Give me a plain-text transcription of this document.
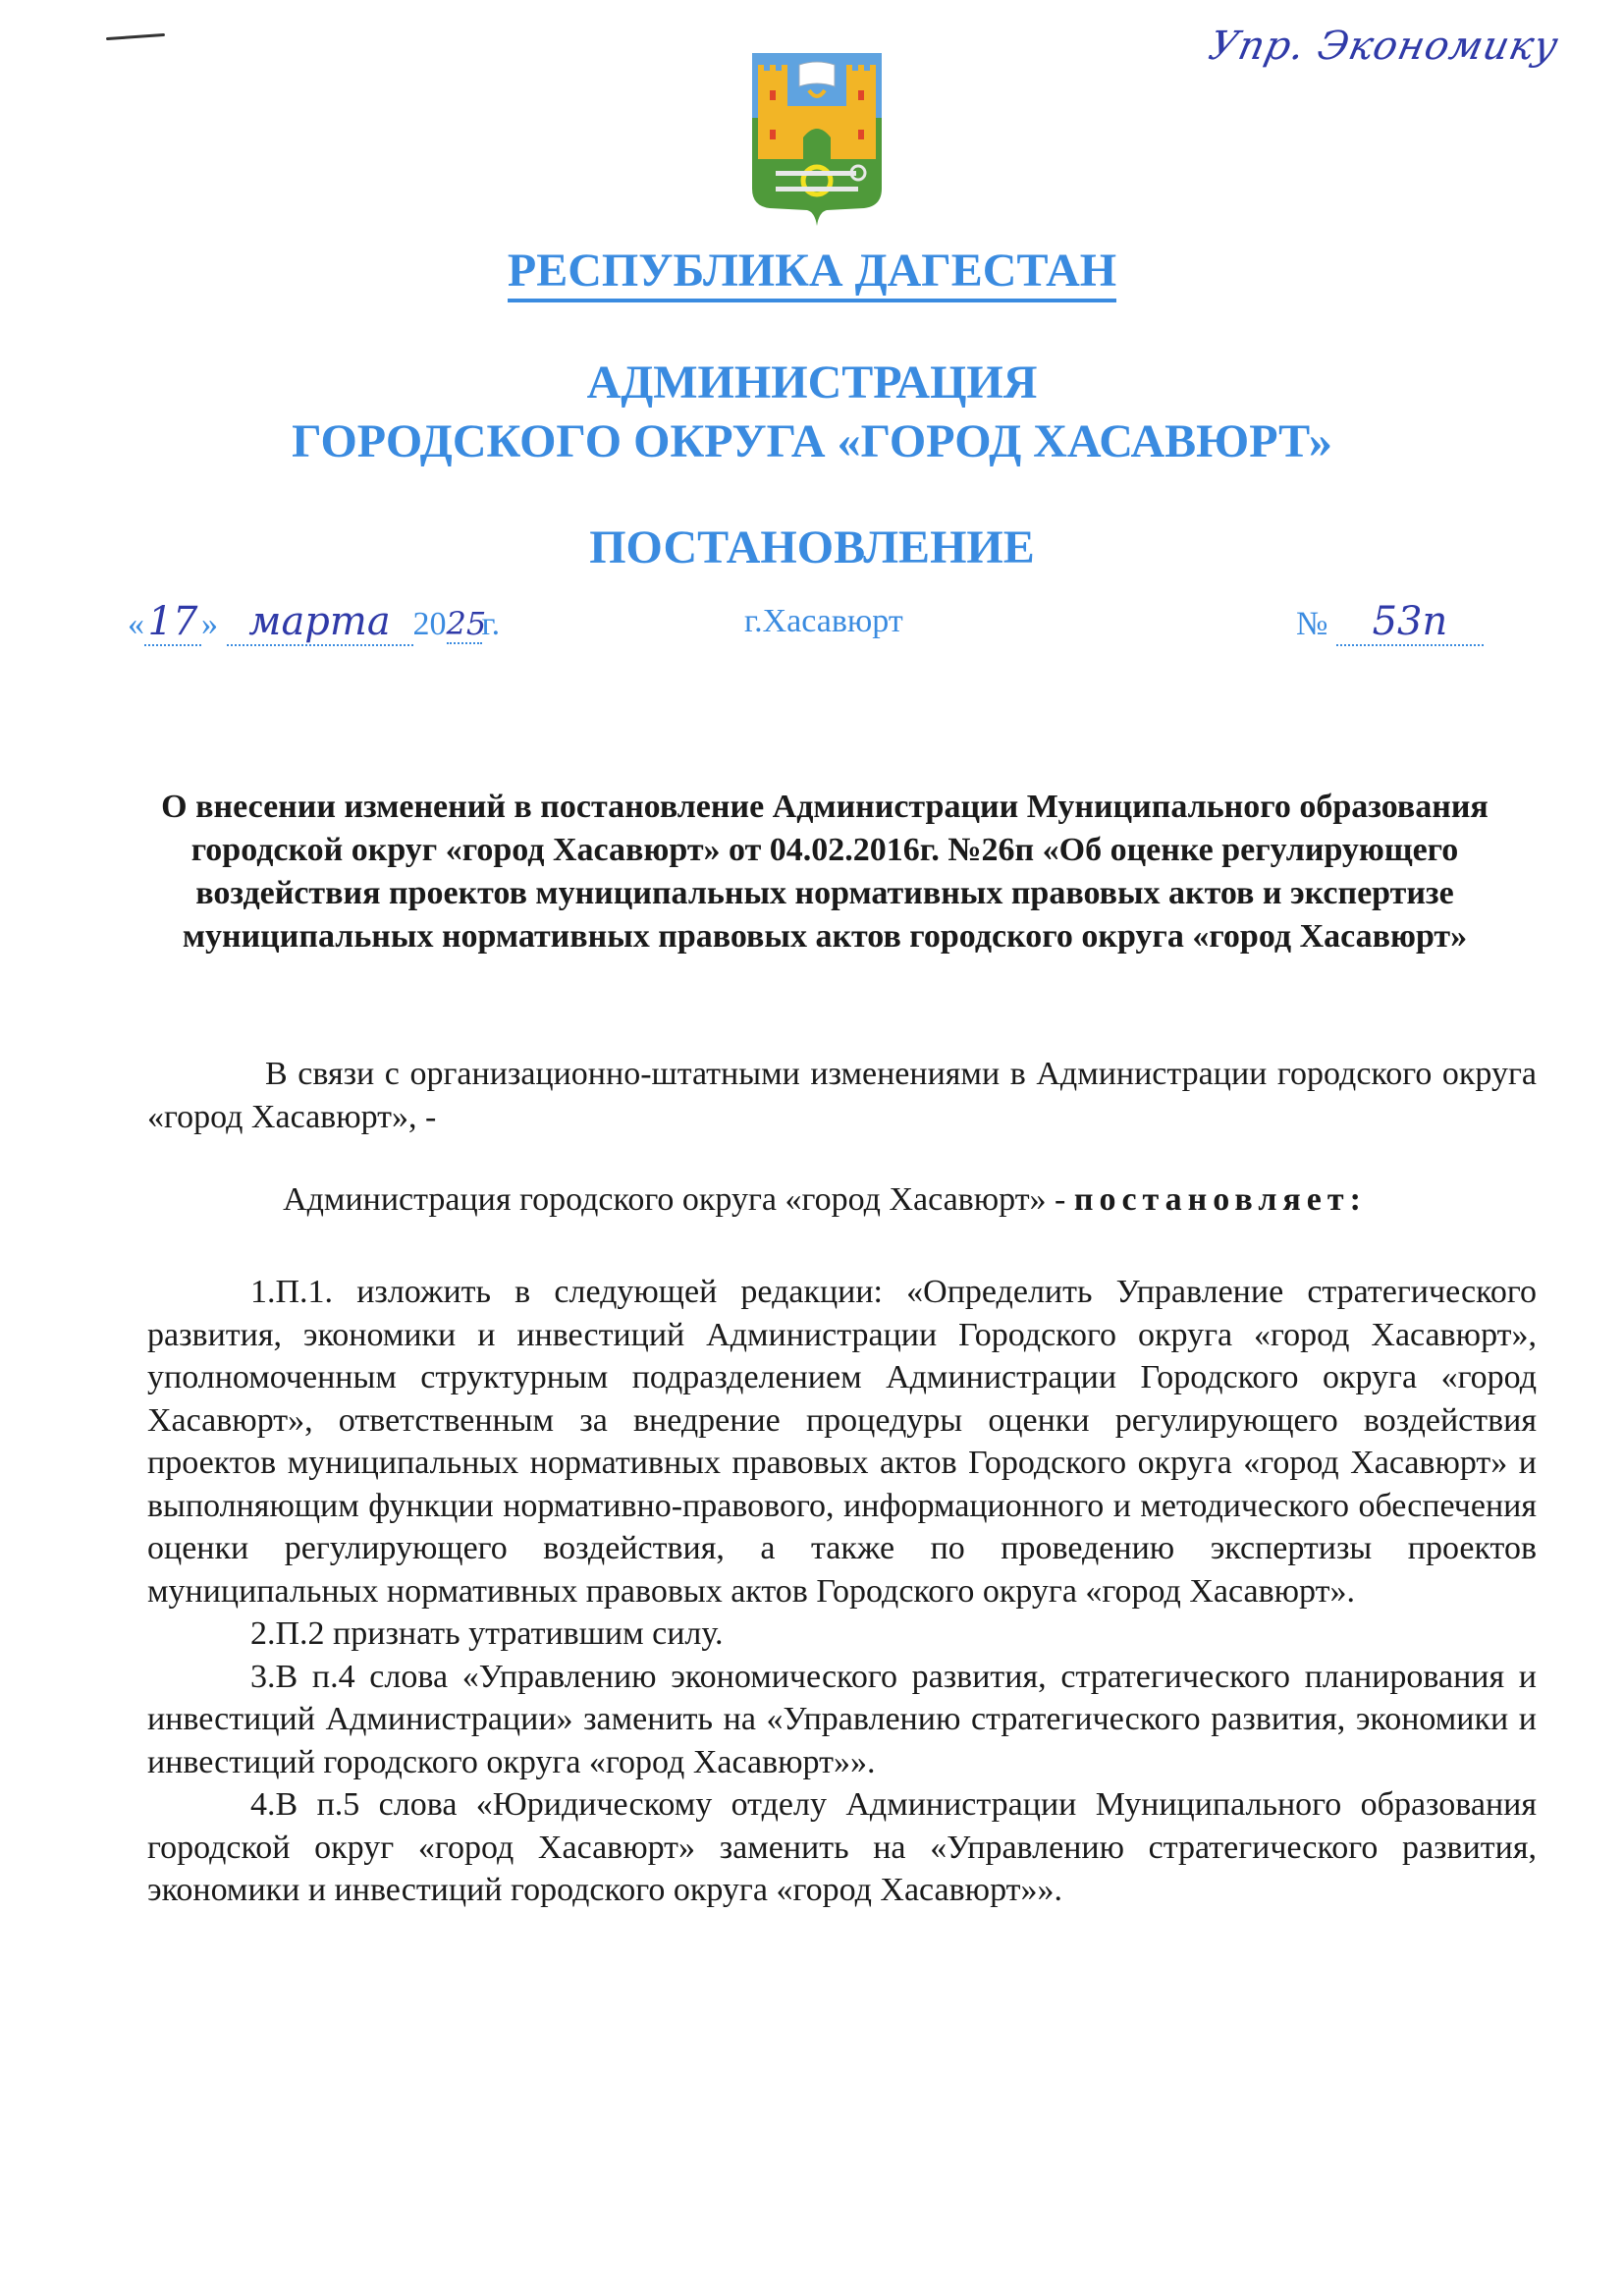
Упр. Экономику
РЕСПУБЛИКА ДАГЕСТАН
АДМИНИСТРАЦИЯ
ГОРОДСКОГО ОКРУГА «ГОРОД ХАСАВЮРТ»
ПОСТАНОВЛЕНИЕ
«17 » марта 2025г.	г.Хасавюрт	№ 53п
О внесении изменений в постановление Администрации Муниципального образования городской округ «город Хасавюрт» от 04.02.2016г. №26п «Об оценке регулирующего воздействия проектов муниципальных нормативных правовых актов и экспертизе муниципальных нормативных правовых актов городского округа «город Хасавюрт»
В связи с организационно-штатными изменениями в Администрации городского округа «город Хасавюрт», -
Администрация городского округа «город Хасавюрт» - постановляет:

1.П.1. изложить в следующей редакции: «Определить Управление стратегического развития, экономики и инвестиций Администрации Городского округа «город Хасавюрт», уполномоченным структурным подразделением Администрации Городского округа «город Хасавюрт», ответственным за внедрение процедуры оценки регулирующего воздействия проектов муниципальных нормативных правовых актов Городского округа «город Хасавюрт» и выполняющим функции нормативно-правового, информационного и методического обеспечения оценки регулирующего воздействия, а также по проведению экспертизы проектов муниципальных нормативных правовых актов Городского округа «город Хасавюрт».

2.П.2 признать утратившим силу.

3.В п.4 слова «Управлению экономического развития, стратегического планирования и инвестиций Администрации» заменить на «Управлению стратегического развития, экономики и инвестиций городского округа «город Хасавюрт»».

4.В п.5 слова «Юридическому отделу Администрации Муниципального образования городской округ «город Хасавюрт» заменить на «Управлению стратегического развития, экономики и инвестиций городского округа «город Хасавюрт»».
